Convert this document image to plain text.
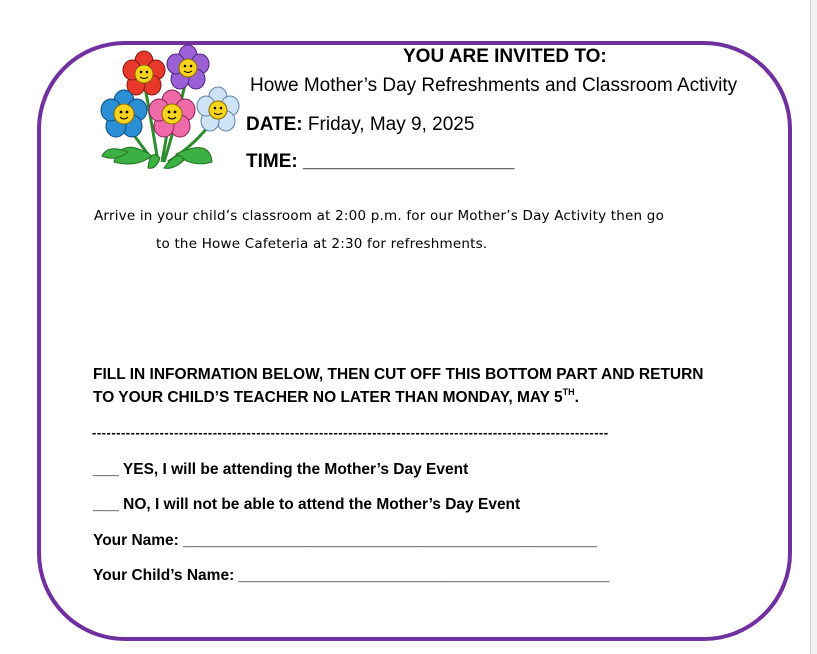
YOU ARE INVITED TO:
Howe Mother’s Day Refreshments and Classroom Activity
DATE: Friday, May 9, 2025
TIME: ____________________
Arrive in your child’s classroom at 2:00 p.m. for our Mother’s Day Activity then go
to the Howe Cafeteria at 2:30 for refreshments.
FILL IN INFORMATION BELOW, THEN CUT OFF THIS BOTTOM PART AND RETURN
TO YOUR CHILD’S TEACHER NO LATER THAN MONDAY, MAY 5TH.
-----------------------------------------------------------------------------------------------------------
___ YES, I will be attending the Mother’s Day Event
___ NO, I will not be able to attend the Mother’s Day Event
Your Name: ________________________________________________
Your Child’s Name: ___________________________________________
